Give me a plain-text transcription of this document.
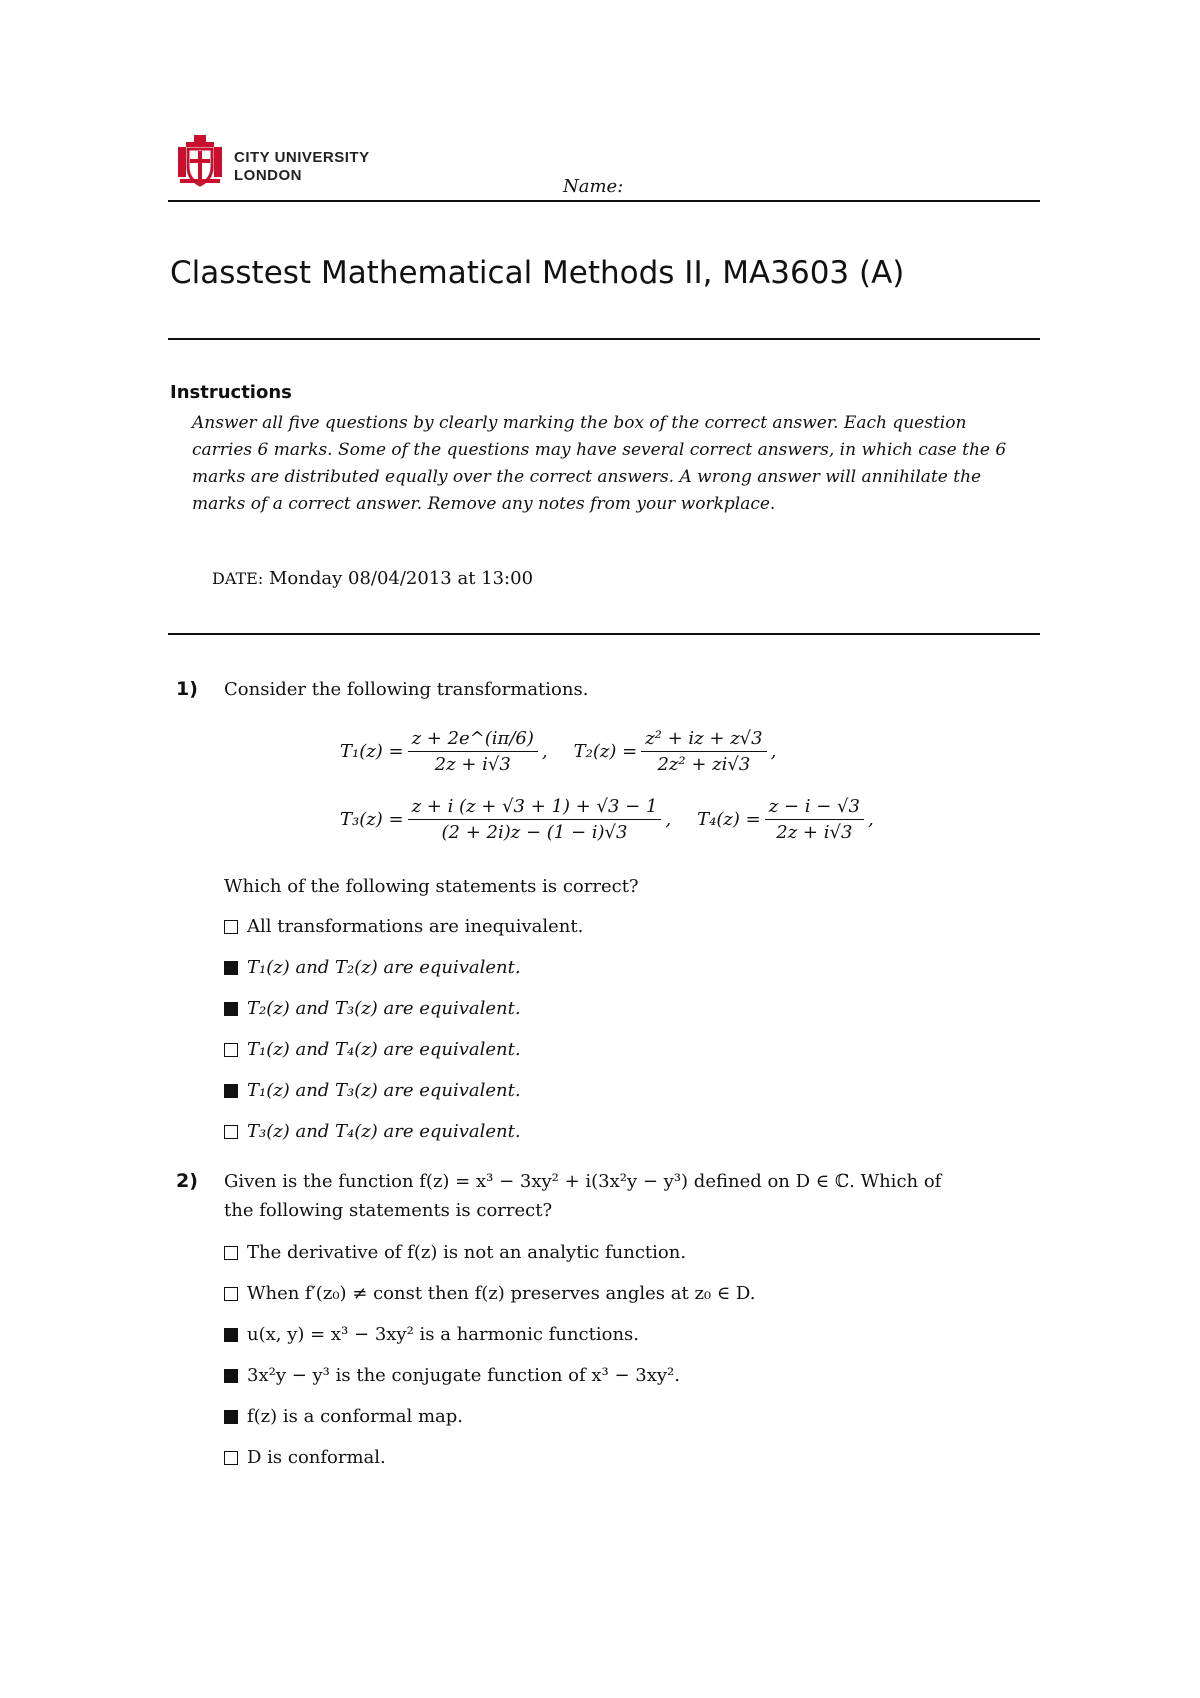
CITY UNIVERSITY
LONDON
Name:
Classtest Mathematical Methods II, MA3603 (A)
Instructions
Answer all five questions by clearly marking the box of the correct answer. Each question carries 6 marks. Some of the questions may have several correct answers, in which case the 6 marks are distributed equally over the correct answers. A wrong answer will annihilate the marks of a correct answer. Remove any notes from your workplace.
DATE: Monday 08/04/2013 at 13:00
1) Consider the following transformations.
$T_1(z) = \frac{z + 2e\^{}(i\pi/6)}{2z + i√3}$ , $T_2(z) = \frac{\text{z² + iz + z√3}}{\text{2z² + zi√3}}$ ,
$T_3(z) = \frac{z + i (z + √3 + 1) + √3 - 1}{(2 + 2i)z - (1 - i)√3}$ , $T_4(z) = \frac{z - i - √3}{2z + i√3}$ ,
Which of the following statements is correct?
All transformations are inequivalent.
T₁(z) and T₂(z) are equivalent.
T₂(z) and T₃(z) are equivalent.
T₁(z) and T₄(z) are equivalent.
T₁(z) and T₃(z) are equivalent.
T₃(z) and T₄(z) are equivalent.
2) Given is the function f(z) = x³ − 3xy² + i(3x²y − y³) defined on D ∈ ℂ. Which of
the following statements is correct?
The derivative of f(z) is not an analytic function.
When f′(z₀) ≠ const then f(z) preserves angles at z₀ ∈ D.
u(x, y) = x³ − 3xy² is a harmonic functions.
3x²y − y³ is the conjugate function of x³ − 3xy².
f(z) is a conformal map.
D is conformal.
